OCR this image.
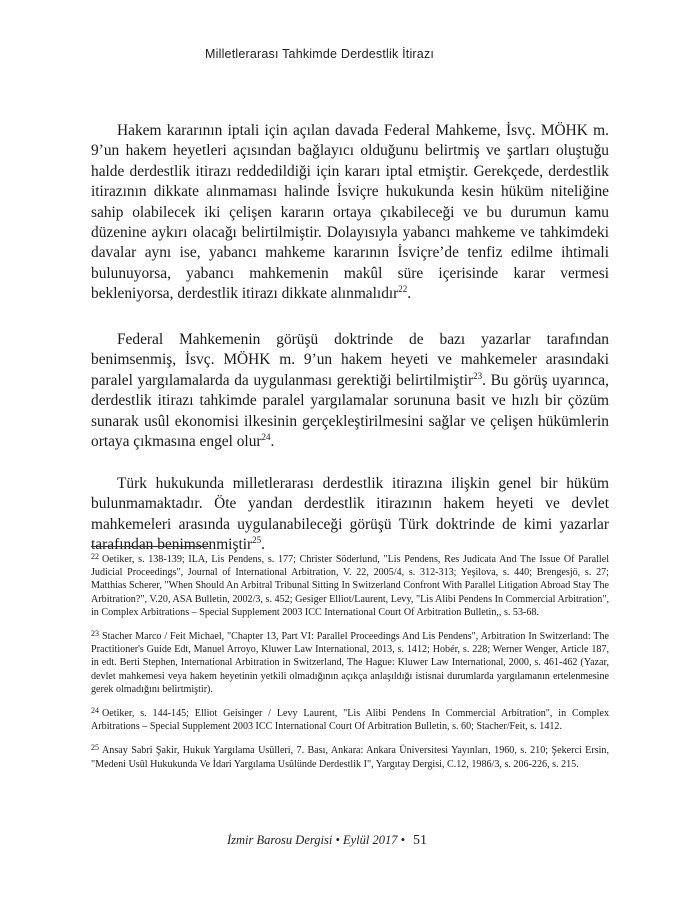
Milletlerarası Tahkimde Derdestlik İtirazı

Hakem kararının iptali için açılan davada Federal Mahkeme, İsvç. MÖHK m. 9’un hakem heyetleri açısından bağlayıcı olduğunu belirtmiş ve şartları oluştuğu halde derdestlik itirazı reddedildiği için kararı iptal etmiştir. Gerekçede, derdestlik itirazının dikkate alınmaması halinde İsviçre hukukunda kesin hüküm niteliğine sahip olabilecek iki çelişen kararın ortaya çıkabileceği ve bu durumun kamu düzenine aykırı olacağı belirtilmiştir. Dolayısıyla yabancı mahkeme ve tahkimdeki davalar aynı ise, yabancı mahkeme kararının İsviçre’de tenfiz edilme ihtimali bulunuyorsa, yabancı mahkemenin makûl süre içerisinde karar vermesi bekleniyorsa, derdestlik itirazı dikkate alınmalıdır$^{22}$.

Federal Mahkemenin görüşü doktrinde de bazı yazarlar tarafından benimsenmiş, İsvç. MÖHK m. 9’un hakem heyeti ve mahkemeler arasındaki paralel yargılamalarda da uygulanması gerektiği belirtilmiştir$^{23}$. Bu görüş uyarınca, derdestlik itirazı tahkimde paralel yargılamalar sorununa basit ve hızlı bir çözüm sunarak usûl ekonomisi ilkesinin gerçekleştirilmesini sağlar ve çelişen hükümlerin ortaya çıkmasına engel olur$^{24}$.

Türk hukukunda milletlerarası derdestlik itirazına ilişkin genel bir hüküm bulunmamaktadır. Öte yandan derdestlik itirazının hakem heyeti ve devlet mahkemeleri arasında uygulanabileceği görüşü Türk doktrinde de kimi yazarlar tarafından benimsenmiştir$^{25}$.

$^{22}$ Oetiker, s. 138-139; ILA, Lis Pendens, s. 177; Christer Söderlund, "Lis Pendens, Res Judicata And The Issue Of Parallel Judicial Proceedings", Journal of International Arbitration, V. 22, 2005/4, s. 312-313; Yeşilova, s. 440; Brengesjö, s. 27; Matthias Scherer, "When Should An Arbitral Tribunal Sitting In Switzerland Confront With Parallel Litigation Abroad Stay The Arbitration?", V.20, ASA Bulletin, 2002/3, s. 452; Gesiger Elliot/Laurent, Levy, "Lis Alibi Pendens In Commercial Arbitration", in Complex Arbitrations – Special Supplement 2003 ICC International Court Of Arbitration Bulletin,, s. 53-68.

$^{23}$ Stacher Marco / Feit Michael, "Chapter 13, Part VI: Parallel Proceedings And Lis Pendens", Arbitration In Switzerland: The Practitioner's Guide Edt, Manuel Arroyo, Kluwer Law International, 2013, s. 1412; Hobér, s. 228; Werner Wenger, Article 187, in edt. Berti Stephen, International Arbitration in Switzerland, The Hague: Kluwer Law International, 2000, s. 461-462 (Yazar, devlet mahkemesi veya hakem heyetinin yetkili olmadığının açıkça anlaşıldığı istisnai durumlarda yargılamanın ertelenmesine gerek olmadığını belirtmiştir).

$^{24}$ Oetiker, s. 144-145; Elliot Geisinger / Levy Laurent, "Lis Alibi Pendens In Commercial Arbitration", in Complex Arbitrations – Special Supplement 2003 ICC International Court Of Arbitration Bulletin, s. 60; Stacher/Feit, s. 1412.

$^{25}$ Ansay Sabri Şakir, Hukuk Yargılama Usûlleri, 7. Bası, Ankara: Ankara Üniversitesi Yayınları, 1960, s. 210; Şekerci Ersin, "Medeni Usûl Hukukunda Ve İdari Yargılama Usûlünde Derdestlik I", Yargıtay Dergisi, C.12, 1986/3, s. 206-226, s. 215.

İzmir Barosu Dergisi • Eylül 2017 • 51
